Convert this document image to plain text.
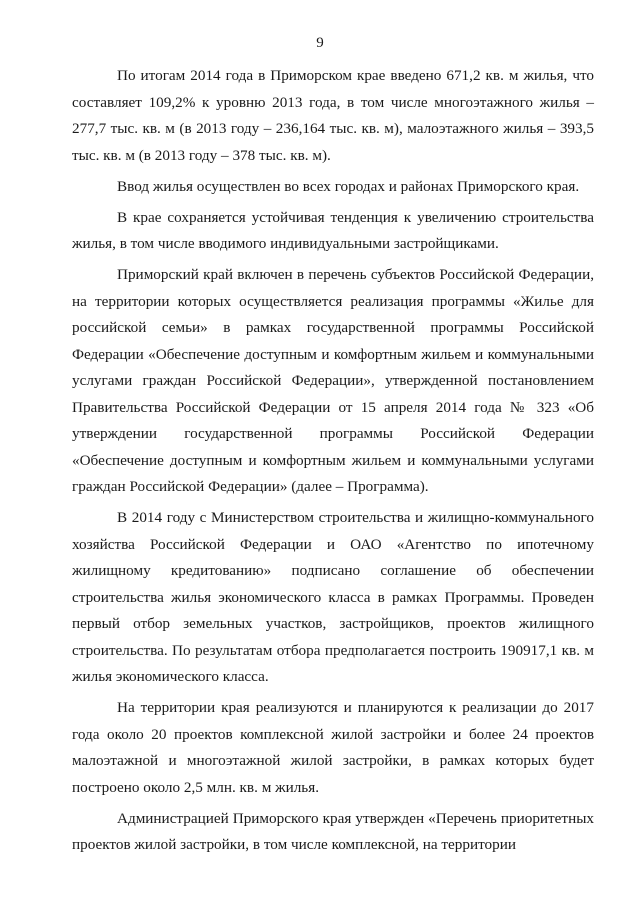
9

По итогам 2014 года в Приморском крае введено 671,2 кв. м жилья, что составляет 109,2% к уровню 2013 года, в том числе многоэтажного жилья – 277,7 тыс. кв. м (в 2013 году – 236,164 тыс. кв. м), малоэтажного жилья – 393,5 тыс. кв. м (в 2013 году – 378 тыс. кв. м).

Ввод жилья осуществлен во всех городах и районах Приморского края.

В крае сохраняется устойчивая тенденция к увеличению строительства жилья, в том числе вводимого индивидуальными застройщиками.

Приморский край включен в перечень субъектов Российской Федерации, на территории которых осуществляется реализация программы «Жилье для российской семьи» в рамках государственной программы Российской Федерации «Обеспечение доступным и комфортным жильем и коммунальными услугами граждан Российской Федерации», утвержденной постановлением Правительства Российской Федерации от 15 апреля 2014 года № 323 «Об утверждении государственной программы Российской Федерации «Обеспечение доступным и комфортным жильем и коммунальными услугами граждан Российской Федерации» (далее – Программа).

В 2014 году с Министерством строительства и жилищно-коммунального хозяйства Российской Федерации и ОАО «Агентство по ипотечному жилищному кредитованию» подписано соглашение об обеспечении строительства жилья экономического класса в рамках Программы. Проведен первый отбор земельных участков, застройщиков, проектов жилищного строительства. По результатам отбора предполагается построить 190917,1 кв. м жилья экономического класса.

На территории края реализуются и планируются к реализации до 2017 года около 20 проектов комплексной жилой застройки и более 24 проектов малоэтажной и многоэтажной жилой застройки, в рамках которых будет построено около 2,5 млн. кв. м жилья.

Администрацией Приморского края утвержден «Перечень приоритетных проектов жилой застройки, в том числе комплексной, на территории
